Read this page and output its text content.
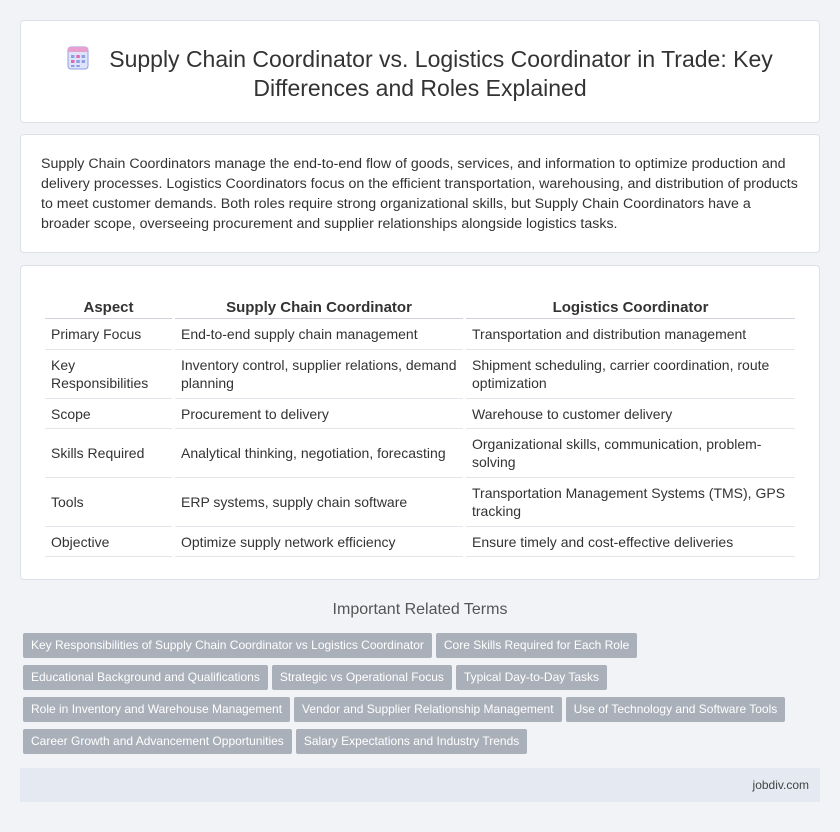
Supply Chain Coordinator vs. Logistics Coordinator in Trade: Key Differences and Roles Explained

Supply Chain Coordinators manage the end-to-end flow of goods, services, and information to optimize production and delivery processes. Logistics Coordinators focus on the efficient transportation, warehousing, and distribution of products to meet customer demands. Both roles require strong organizational skills, but Supply Chain Coordinators have a broader scope, overseeing procurement and supplier relationships alongside logistics tasks.

Aspect	Supply Chain Coordinator	Logistics Coordinator
Primary Focus	End-to-end supply chain management	Transportation and distribution management
Key Responsibilities	Inventory control, supplier relations, demand planning	Shipment scheduling, carrier coordination, route optimization
Scope	Procurement to delivery	Warehouse to customer delivery
Skills Required	Analytical thinking, negotiation, forecasting	Organizational skills, communication, problem-solving
Tools	ERP systems, supply chain software	Transportation Management Systems (TMS), GPS tracking
Objective	Optimize supply network efficiency	Ensure timely and cost-effective deliveries
Important Related Terms
Key Responsibilities of Supply Chain Coordinator vs Logistics Coordinator Core Skills Required for Each Role
Educational Background and Qualifications Strategic vs Operational Focus Typical Day-to-Day Tasks
Role in Inventory and Warehouse Management Vendor and Supplier Relationship Management Use of Technology and Software Tools
Career Growth and Advancement Opportunities Salary Expectations and Industry Trends
jobdiv.com
